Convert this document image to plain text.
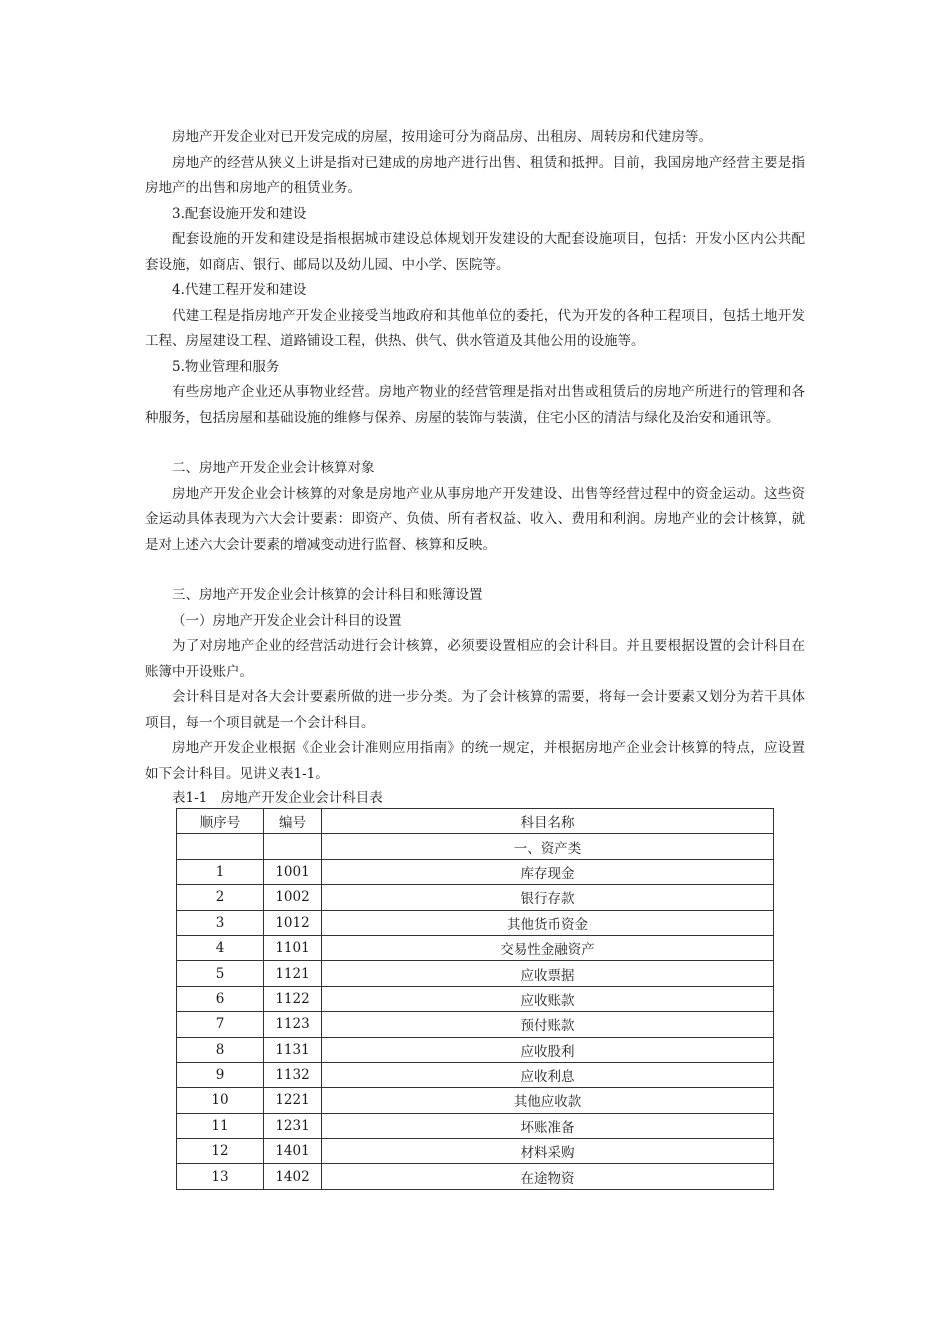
房地产开发企业对已开发完成的房屋，按用途可分为商品房、出租房、周转房和代建房等。

房地产的经营从狭义上讲是指对已建成的房地产进行出售、租赁和抵押。目前，我国房地产经营主要是指房地产的出售和房地产的租赁业务。

3.配套设施开发和建设

配套设施的开发和建设是指根据城市建设总体规划开发建设的大配套设施项目，包括：开发小区内公共配套设施，如商店、银行、邮局以及幼儿园、中小学、医院等。

4.代建工程开发和建设

代建工程是指房地产开发企业接受当地政府和其他单位的委托，代为开发的各种工程项目，包括土地开发工程、房屋建设工程、道路铺设工程，供热、供气、供水管道及其他公用的设施等。

5.物业管理和服务

有些房地产企业还从事物业经营。房地产物业的经营管理是指对出售或租赁后的房地产所进行的管理和各种服务，包括房屋和基础设施的维修与保养、房屋的装饰与装潢，住宅小区的清洁与绿化及治安和通讯等。

二、房地产开发企业会计核算对象

房地产开发企业会计核算的对象是房地产业从事房地产开发建设、出售等经营过程中的资金运动。这些资金运动具体表现为六大会计要素：即资产、负债、所有者权益、收入、费用和利润。房地产业的会计核算，就是对上述六大会计要素的增减变动进行监督、核算和反映。

三、房地产开发企业会计核算的会计科目和账簿设置

（一）房地产开发企业会计科目的设置

为了对房地产企业的经营活动进行会计核算，必须要设置相应的会计科目。并且要根据设置的会计科目在账簿中开设账户。

会计科目是对各大会计要素所做的进一步分类。为了会计核算的需要，将每一会计要素又划分为若干具体项目，每一个项目就是一个会计科目。

房地产开发企业根据《企业会计准则应用指南》的统一规定，并根据房地产企业会计核算的特点，应设置如下会计科目。见讲义表1-1。

表1-1　房地产开发企业会计科目表

顺序号	编号	科目名称
		一、资产类
1	1001	库存现金
2	1002	银行存款
3	1012	其他货币资金
4	1101	交易性金融资产
5	1121	应收票据
6	1122	应收账款
7	1123	预付账款
8	1131	应收股利
9	1132	应收利息
10	1221	其他应收款
11	1231	坏账准备
12	1401	材料采购
13	1402	在途物资
